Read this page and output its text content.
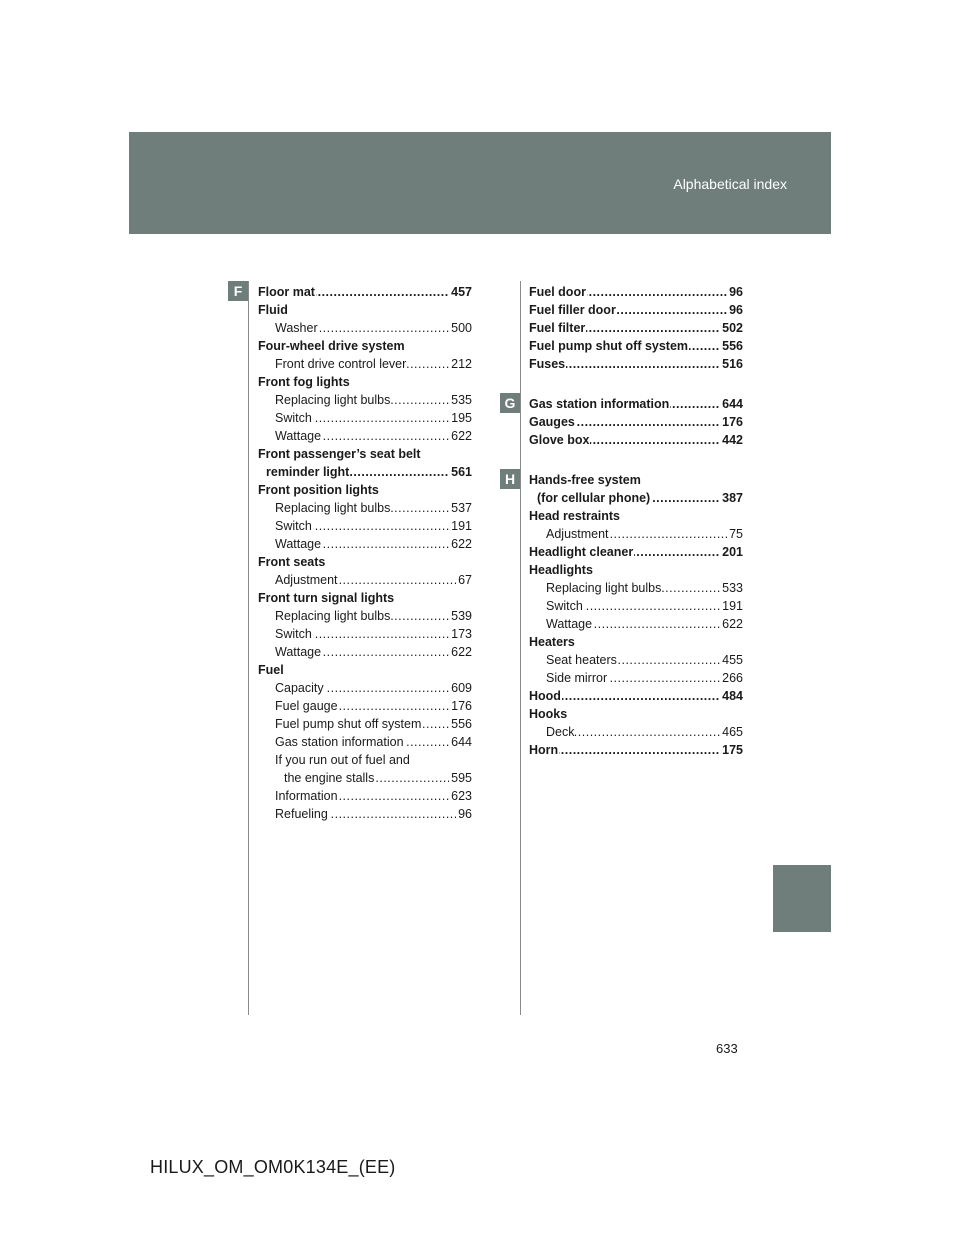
Alphabetical index
F
G
H
.....
Floor mat	457
Fluid
.....
Washer	500
Four-wheel drive system
.....
Front drive control lever	212
Front fog lights
.....
Replacing light bulbs	535
.....
Switch	195
.....
Wattage	622
Front passenger’s seat belt
.....
reminder light	561
Front position lights
.....
Replacing light bulbs	537
.....
Switch	191
.....
Wattage	622
Front seats
.....
Adjustment	67
Front turn signal lights
.....
Replacing light bulbs	539
.....
Switch	173
.....
Wattage	622
Fuel
.....
Capacity	609
.....
Fuel gauge	176
.....
Fuel pump shut off system 556
.....
Gas station information	644
If you run out of fuel and
.....
the engine stalls	595
.....
Information	623
.....
Refueling	96
.....
Fuel door	96
.....
Fuel filler door	96
.....
Fuel filter	502
.....
Fuel pump shut off system	556
.....
Fuses	516
.....
Gas station information	644
.....
Gauges	176
.....
Glove box	442
Hands-free system
.....
(for cellular phone)	387
Head restraints
.....
Adjustment	75
.....
Headlight cleaner	201
Headlights
.....
Replacing light bulbs	533
.....
Switch	191
.....
Wattage	622
Heaters
.....
Seat heaters	455
.....
Side mirror	266
.....
Hood	484
Hooks
.....
Deck	465
.....
Horn	175
633
HILUX_OM_OM0K134E_(EE)
